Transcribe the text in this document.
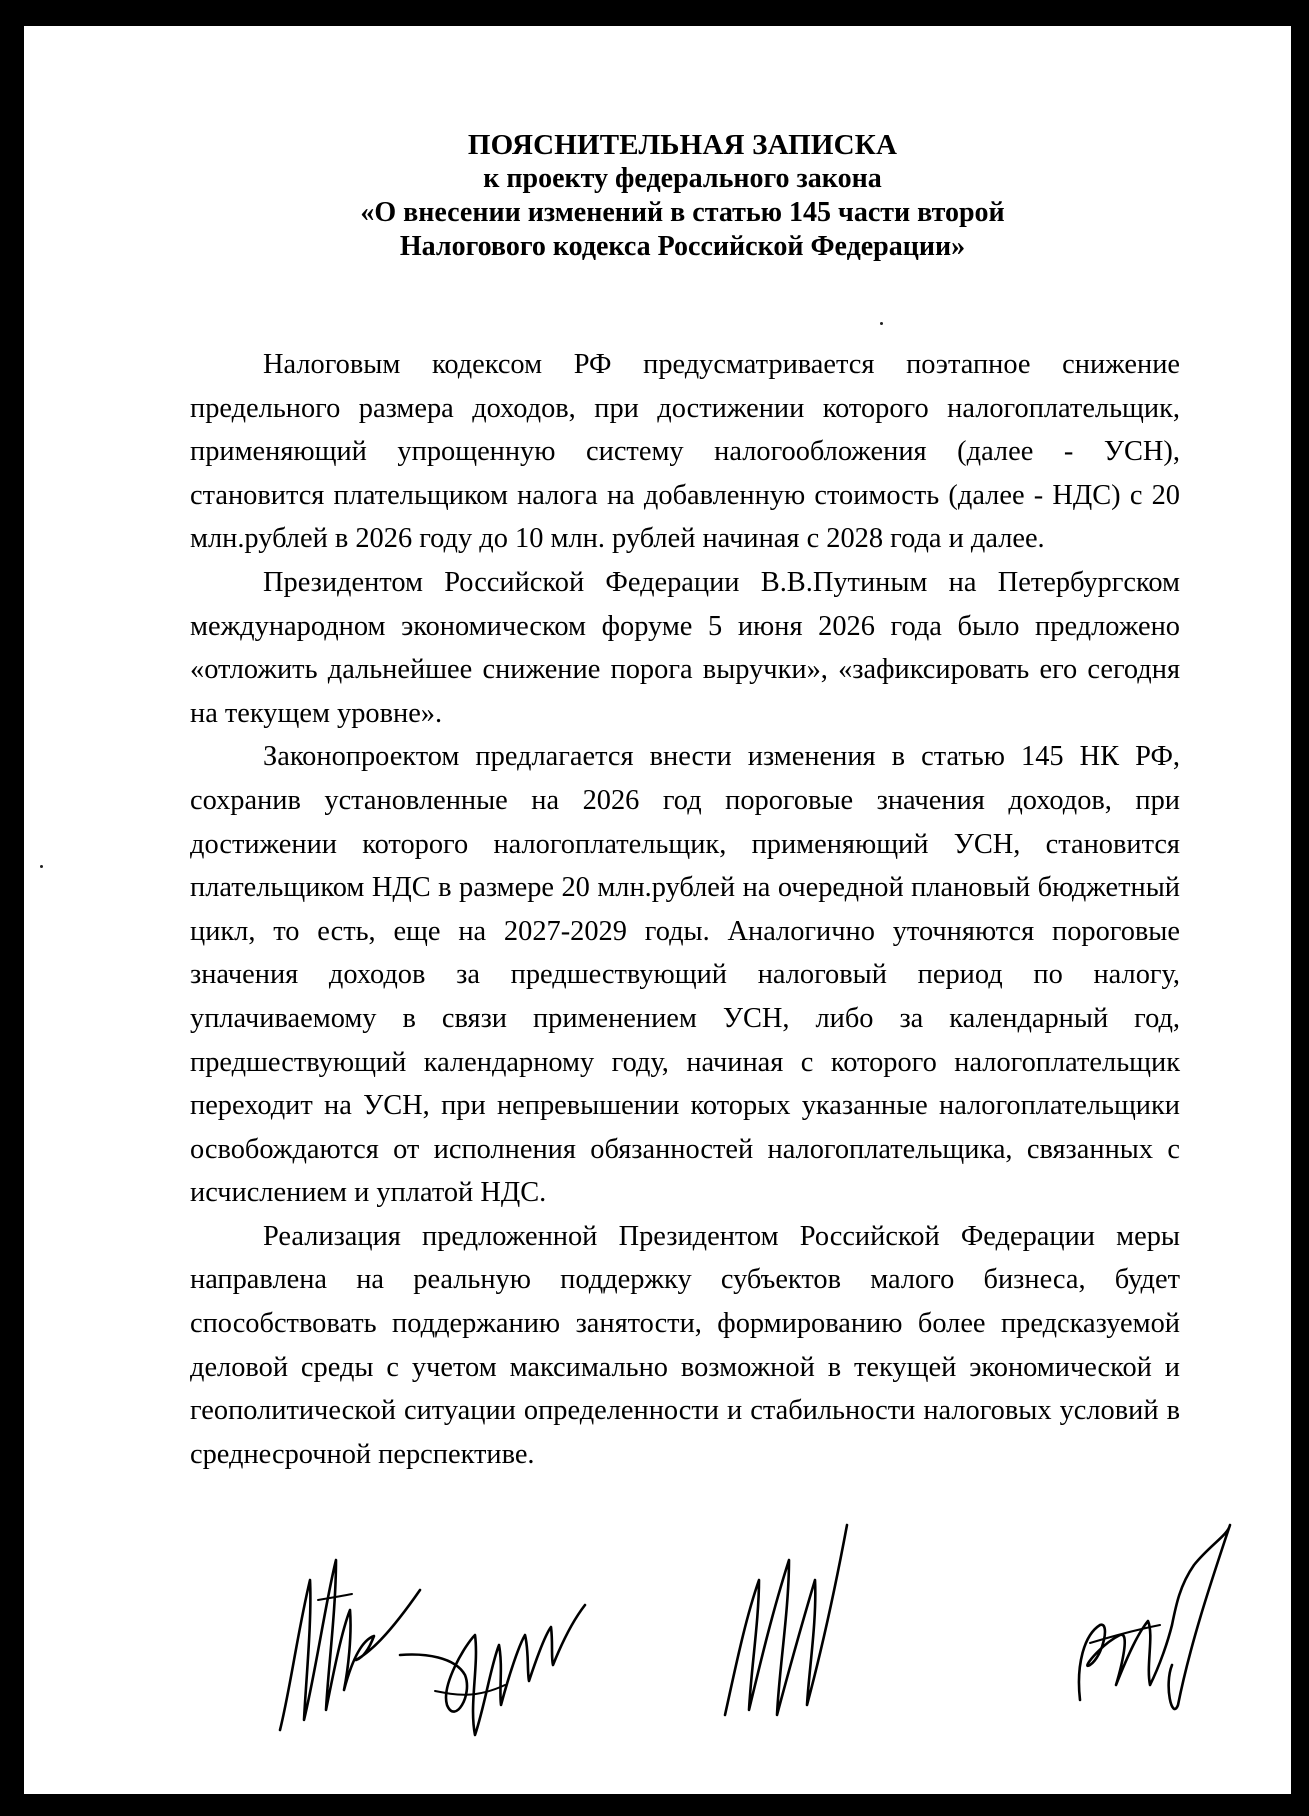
ПОЯСНИТЕЛЬНАЯ ЗАПИСКА
к проекту федерального закона
«О внесении изменений в статью 145 части второй
Налогового кодекса Российской Федерации»

Налоговым кодексом РФ предусматривается поэтапное снижение предельного размера доходов, при достижении которого налогоплательщик, применяющий упрощенную систему налогообложения (далее - УСН), становится плательщиком налога на добавленную стоимость (далее - НДС) с 20 млн.рублей в 2026 году до 10 млн. рублей начиная с 2028 года и далее.

Президентом Российской Федерации В.В.Путиным на Петербургском международном экономическом форуме 5 июня 2026 года было предложено «отложить дальнейшее снижение порога выручки», «зафиксировать его сегодня на текущем уровне».

Законопроектом предлагается внести изменения в статью 145 НК РФ, сохранив установленные на 2026 год пороговые значения доходов, при достижении которого налогоплательщик, применяющий УСН, становится плательщиком НДС в размере 20 млн.рублей на очередной плановый бюджетный цикл, то есть, еще на 2027-2029 годы. Аналогично уточняются пороговые значения доходов за предшествующий налоговый период по налогу, уплачиваемому в связи применением УСН, либо за календарный год, предшествующий календарному году, начиная с которого налогоплательщик переходит на УСН, при непревышении которых указанные налогоплательщики освобождаются от исполнения обязанностей налогоплательщика, связанных с исчислением и уплатой НДС.

Реализация предложенной Президентом Российской Федерации меры направлена на реальную поддержку субъектов малого бизнеса, будет способствовать поддержанию занятости, формированию более предсказуемой деловой среды с учетом максимально возможной в текущей экономической и геополитической ситуации определенности и стабильности налоговых условий в среднесрочной перспективе.
